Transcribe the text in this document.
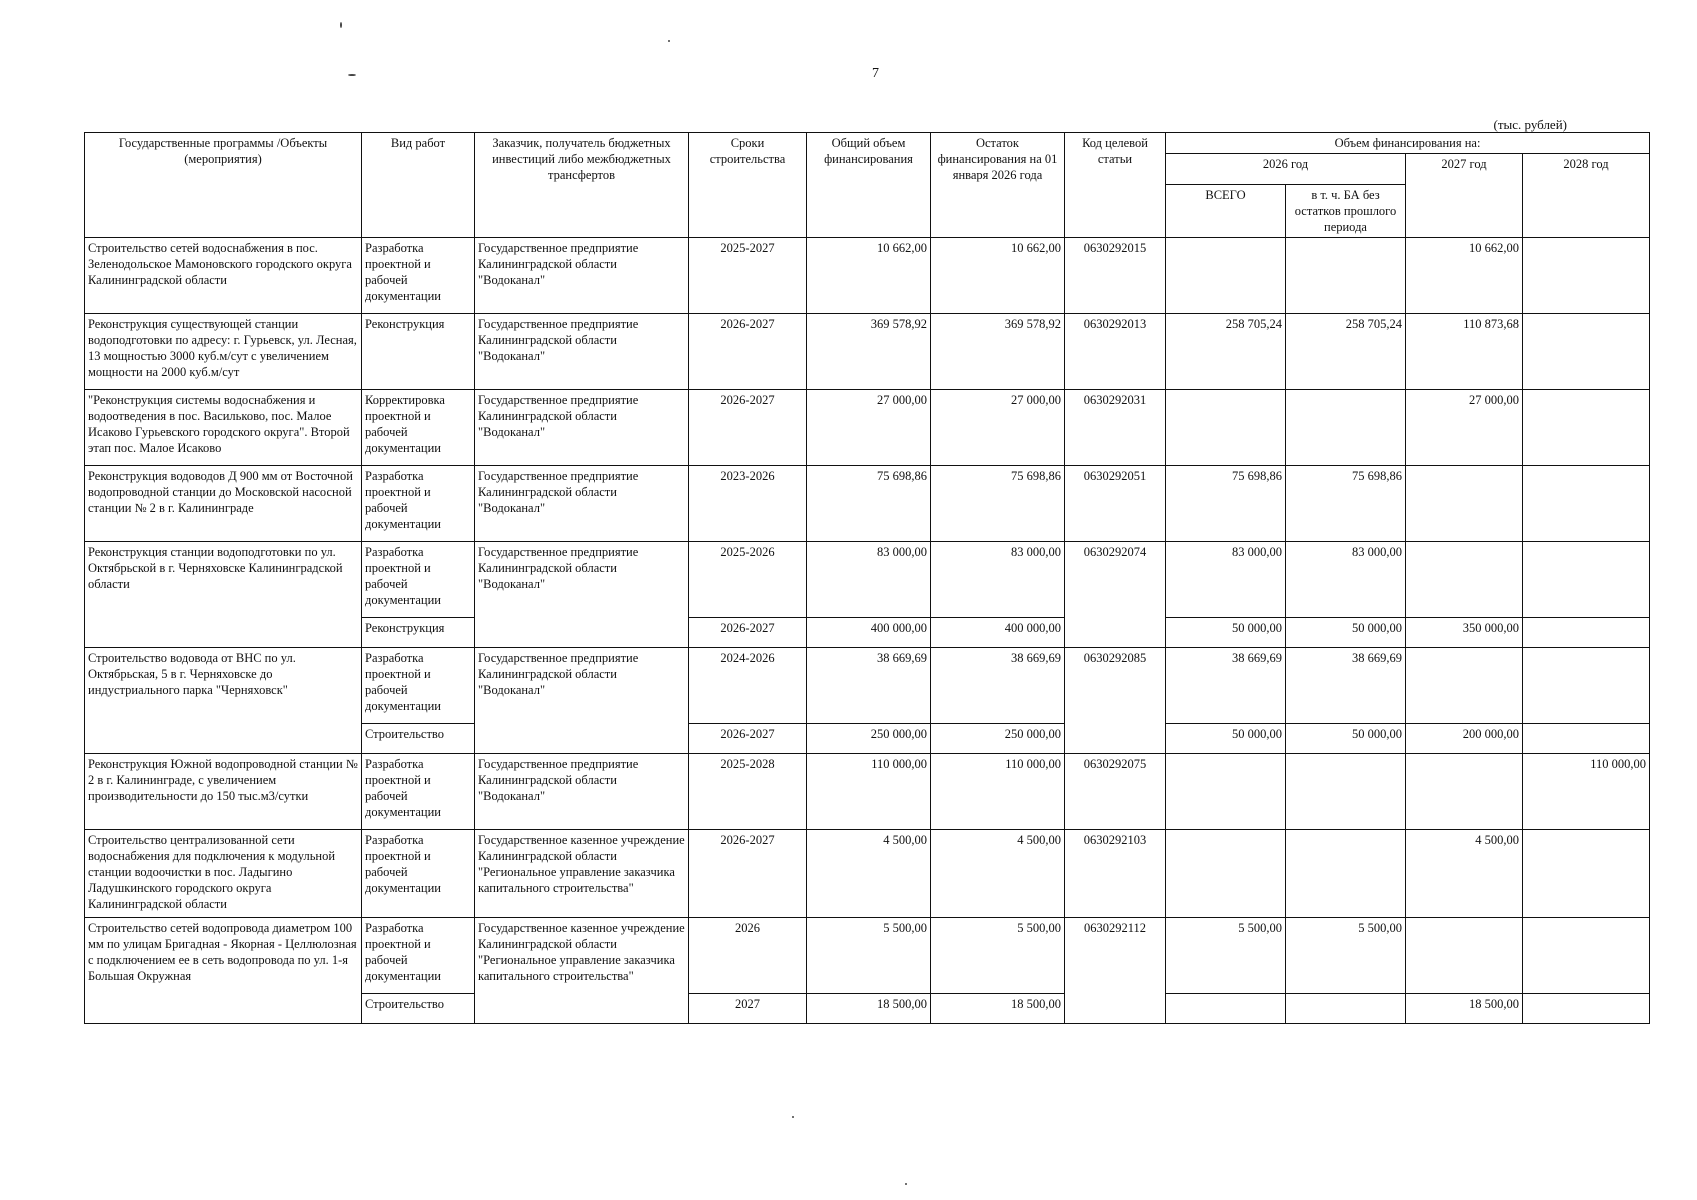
7
(тыс. рублей)
Государственные программы /Объекты (мероприятия)	Вид работ	Заказчик, получатель бюджетных инвестиций либо межбюджетных трансфертов	Сроки строительства	Общий объем финансирования	Остаток финансирования на 01 января 2026 года	Код целевой статьи	Объем финансирования на:			
							2026 год		2027 год	2028 год
							ВСЕГО	в т. ч. БА без остатков прошлого периода		
Строительство сетей водоснабжения в пос. Зеленодольское Мамоновского городского округа Калининградской области	Разработка проектной и рабочей документации	Государственное предприятие Калининградской области "Водоканал"	2025-2027	10 662,00	10 662,00	0630292015			10 662,00	
Реконструкция существующей станции водоподготовки по адресу: г. Гурьевск, ул. Лесная, 13 мощностью 3000 куб.м/сут с увеличением мощности на 2000 куб.м/сут	Реконструкция	Государственное предприятие Калининградской области "Водоканал"	2026-2027	369 578,92	369 578,92	0630292013	258 705,24	258 705,24	110 873,68	
"Реконструкция системы водоснабжения и водоотведения в пос. Васильково, пос. Малое Исаково Гурьевского городского округа". Второй этап пос. Малое Исаково	Корректировка проектной и рабочей документации	Государственное предприятие Калининградской области "Водоканал"	2026-2027	27 000,00	27 000,00	0630292031			27 000,00	
Реконструкция водоводов Д 900 мм от Восточной водопроводной станции до Московской насосной станции № 2 в г. Калининграде	Разработка проектной и рабочей документации	Государственное предприятие Калининградской области "Водоканал"	2023-2026	75 698,86	75 698,86	0630292051	75 698,86	75 698,86		
Реконструкция станции водоподготовки по ул. Октябрьской в г. Черняховске Калининградской области	Разработка проектной и рабочей документации	Государственное предприятие Калининградской области "Водоканал"	2025-2026	83 000,00	83 000,00	0630292074	83 000,00	83 000,00		
	Реконструкция		2026-2027	400 000,00	400 000,00		50 000,00	50 000,00	350 000,00	
Строительство водовода от ВНС по ул. Октябрьская, 5 в г. Черняховске до индустриального парка "Черняховск"	Разработка проектной и рабочей документации	Государственное предприятие Калининградской области "Водоканал"	2024-2026	38 669,69	38 669,69	0630292085	38 669,69	38 669,69		
	Строительство		2026-2027	250 000,00	250 000,00		50 000,00	50 000,00	200 000,00	
Реконструкция Южной водопроводной станции № 2 в г. Калининграде, с увеличением производительности до 150 тыс.м3/сутки	Разработка проектной и рабочей документации	Государственное предприятие Калининградской области "Водоканал"	2025-2028	110 000,00	110 000,00	0630292075				110 000,00
Строительство централизованной сети водоснабжения для подключения к модульной станции водоочистки в пос. Ладыгино Ладушкинского городского округа Калининградской области	Разработка проектной и рабочей документации	Государственное казенное учреждение Калининградской области "Региональное управление заказчика капитального строительства"	2026-2027	4 500,00	4 500,00	0630292103			4 500,00	
Строительство сетей водопровода диаметром 100 мм по улицам Бригадная - Якорная - Целлюлозная с подключением ее в сеть водопровода по ул. 1-я Большая Окружная	Разработка проектной и рабочей документации	Государственное казенное учреждение Калининградской области "Региональное управление заказчика капитального строительства"	2026	5 500,00	5 500,00	0630292112	5 500,00	5 500,00		
	Строительство		2027	18 500,00	18 500,00				18 500,00	
